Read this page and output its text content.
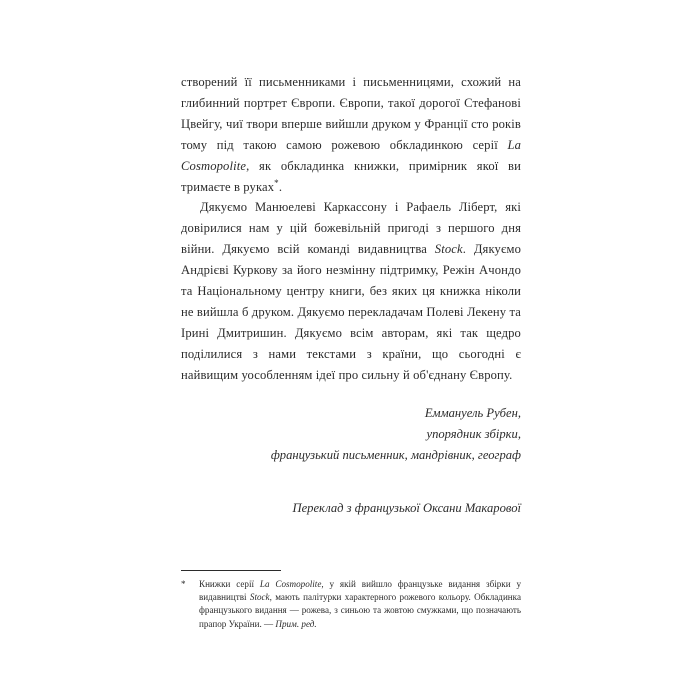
створений її письменниками і письменницями, схожий на глибинний портрет Європи. Європи, такої дорогої Стефанові Цвейгу, чиї твори вперше вийшли друком у Франції сто років тому під такою самою рожевою обкладинкою серії La Cosmopolite, як обкладинка книжки, примірник якої ви тримаєте в руках*.

Дякуємо Манюелеві Каркассону і Рафаель Ліберт, які довірилися нам у цій божевільній пригоді з першого дня війни. Дякуємо всій команді видавництва Stock. Дякуємо Андрієві Куркову за його незмінну підтримку, Режін Ачондо та Національному центру книги, без яких ця книжка ніколи не вийшла б друком. Дякуємо перекладачам Полеві Лекену та Ірині Дмитришин. Дякуємо всім авторам, які так щедро поділилися з нами текстами з країни, що сьогодні є найвищим уособленням ідеї про сильну й об'єднану Європу.

Еммануель Рубен,
упорядник збірки,
французький письменник, мандрівник, географ
Переклад з французької Оксани Макарової
* Книжки серії La Cosmopolite, у якій вийшло французьке видання збірки у видавництві Stock, мають палітурки характерного рожевого кольору. Обкладинка французького видання — рожева, з синьою та жовтою смужками, що позначають прапор України. — Прим. ред.
